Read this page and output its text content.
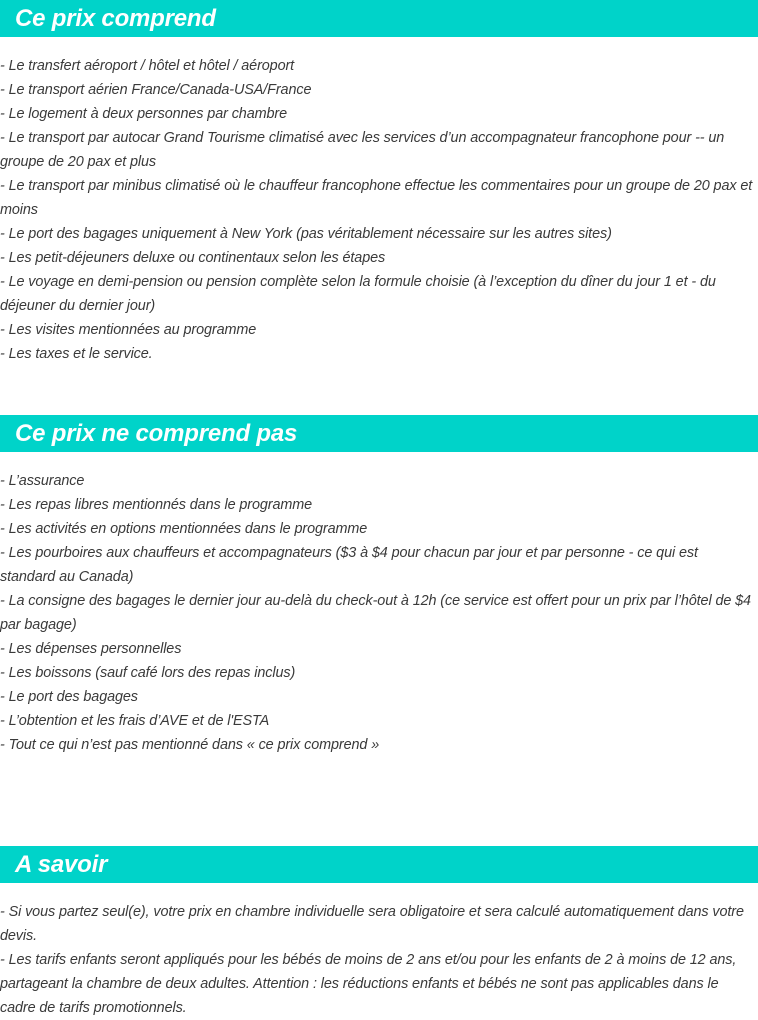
Ce prix comprend
- Le transfert aéroport / hôtel et hôtel / aéroport
- Le transport aérien France/Canada-USA/France
- Le logement à deux personnes par chambre
- Le transport par autocar Grand Tourisme climatisé avec les services d’un accompagnateur francophone pour -- un groupe de 20 pax et plus
- Le transport par minibus climatisé où le chauffeur francophone effectue les commentaires pour un groupe de 20 pax et moins
- Le port des bagages uniquement à New York (pas véritablement nécessaire sur les autres sites)
- Les petit-déjeuners deluxe ou continentaux selon les étapes
- Le voyage en demi-pension ou pension complète selon la formule choisie (à l’exception du dîner du jour 1 et - du déjeuner du dernier jour)
- Les visites mentionnées au programme
- Les taxes et le service.
Ce prix ne comprend pas
- L’assurance
- Les repas libres mentionnés dans le programme
- Les activités en options mentionnées dans le programme
- Les pourboires aux chauffeurs et accompagnateurs ($3 à $4 pour chacun par jour et par personne - ce qui est standard au Canada)
- La consigne des bagages le dernier jour au-delà du check-out à 12h (ce service est offert pour un prix par l’hôtel de $4 par bagage)
- Les dépenses personnelles
- Les boissons (sauf café lors des repas inclus)
- Le port des bagages
- L’obtention et les frais d’AVE et de l'ESTA
- Tout ce qui n’est pas mentionné dans « ce prix comprend »
A savoir
- Si vous partez seul(e), votre prix en chambre individuelle sera obligatoire et sera calculé automatiquement dans votre devis.
- Les tarifs enfants seront appliqués pour les bébés de moins de 2 ans et/ou pour les enfants de 2 à moins de 12 ans, partageant la chambre de deux adultes. Attention : les réductions enfants et bébés ne sont pas applicables dans le cadre de tarifs promotionnels.
